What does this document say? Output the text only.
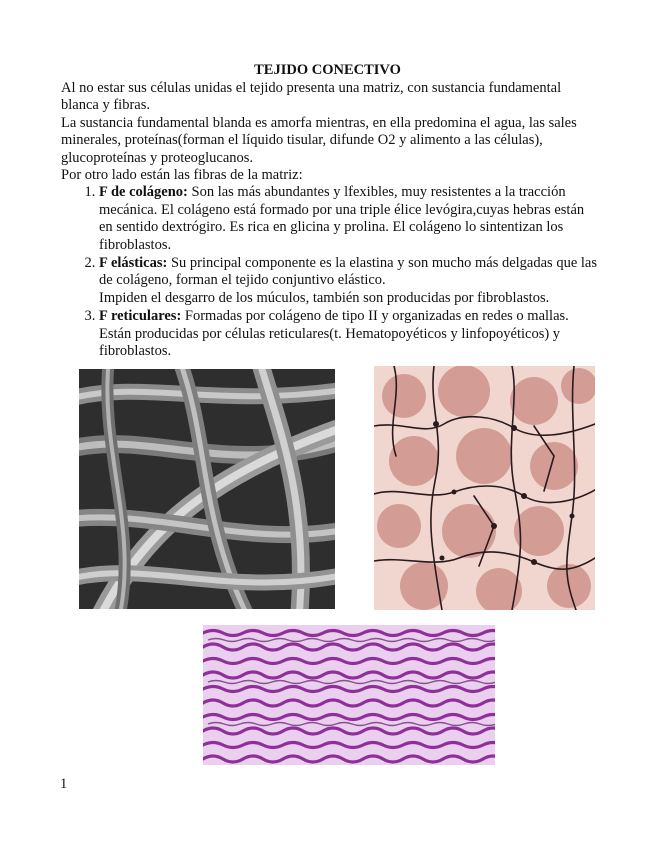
TEJIDO CONECTIVO

Al no estar sus células unidas el tejido presenta una matriz, con sustancia fundamental blanca y fibras.

La sustancia fundamental blanda es amorfa mientras, en ella predomina el agua, las sales minerales, proteínas(forman el líquido tisular, difunde O2 y alimento a las células), glucoproteínas y proteoglucanos.

Por otro lado están las fibras de la matriz:

1. F de colágeno: Son las más abundantes y lfexibles, muy resistentes a la tracción mecánica. El colágeno está formado por una triple élice levógira,cuyas hebras están en sentido dextrógiro. Es rica en glicina y prolina. El colágeno lo sintentizan los fibroblastos.
2. F elásticas: Su principal componente es la elastina y son mucho más delgadas que las de colágeno, forman el tejido conjuntivo elástico.
Impiden el desgarro de los múculos, también son producidas por fibroblastos.
3. F reticulares: Formadas por colágeno de tipo II y organizadas en redes o mallas.
Están producidas por células reticulares(t. Hematopoyéticos y linfopoyéticos) y fibroblastos.
1
